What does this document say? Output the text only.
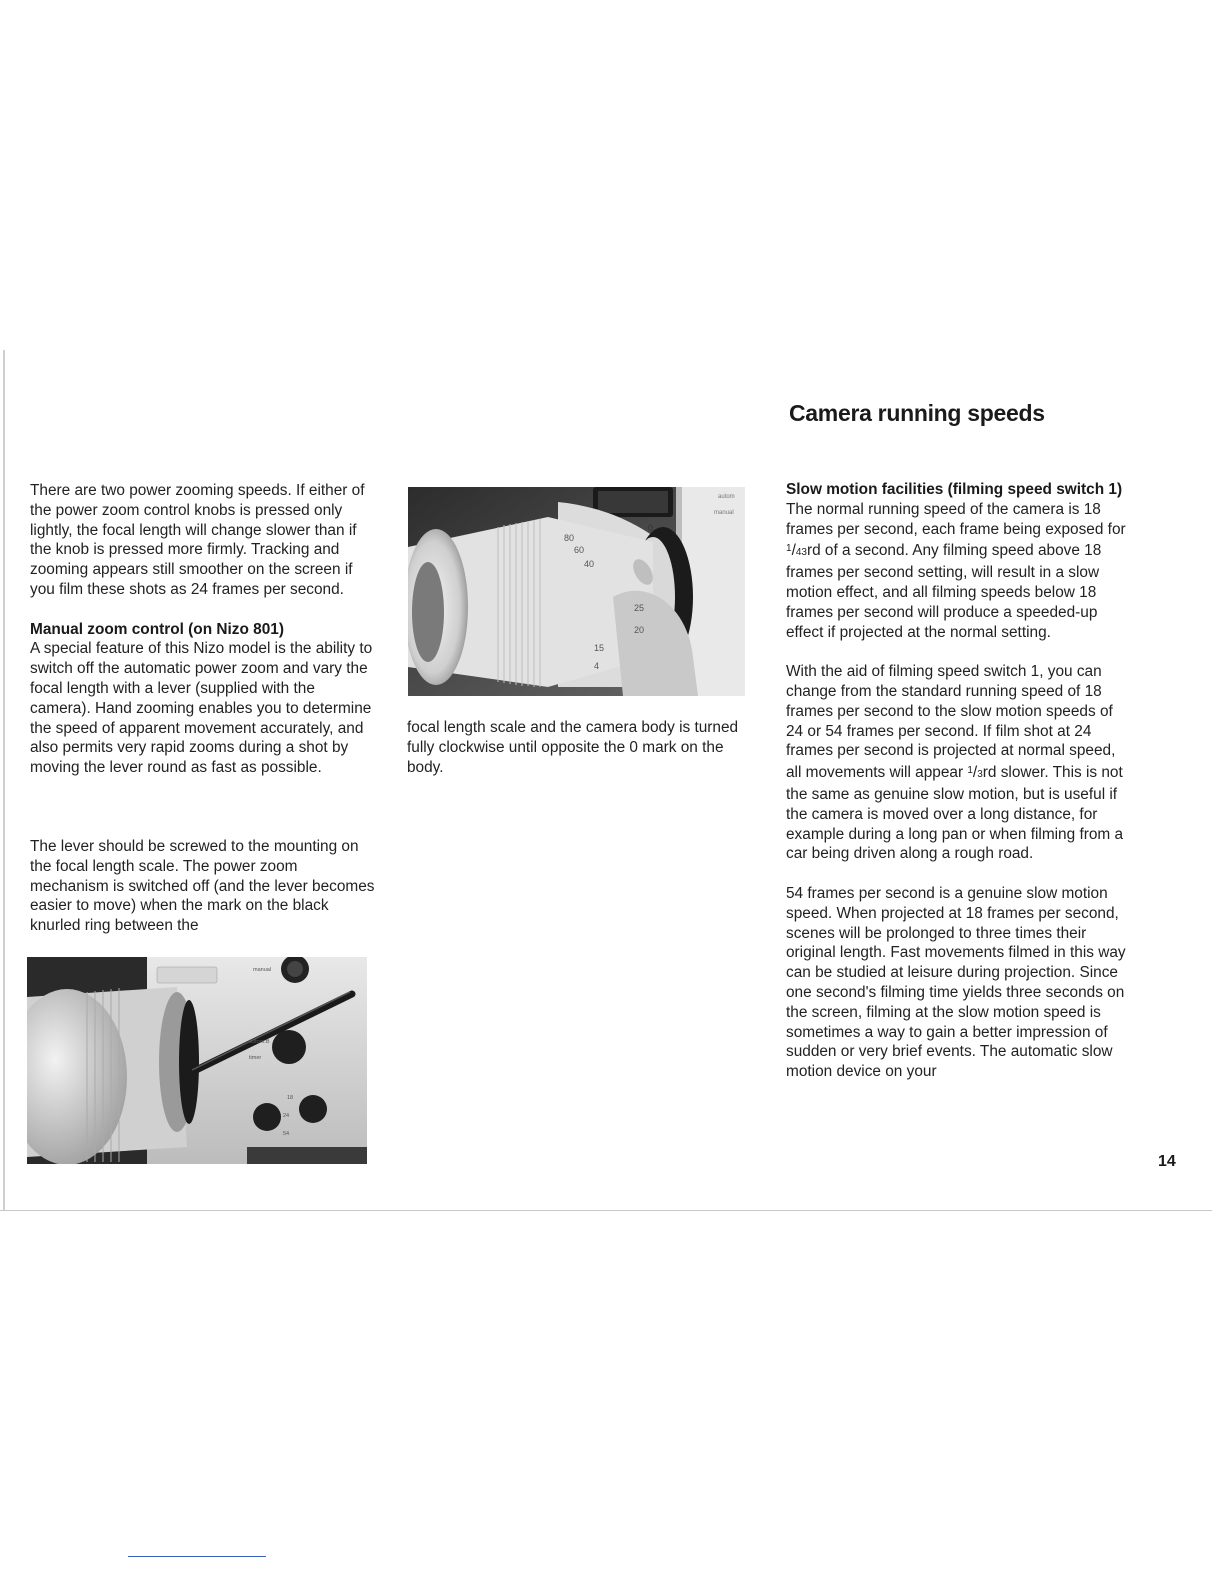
Camera running speeds

There are two power zooming speeds. If either of the power zoom control knobs is pressed only lightly, the focal length will change slower than if the knob is pressed more firmly. Tracking and zooming appears still smoother on the screen if you film these shots as 24 frames per second.

Manual zoom control (on Nizo 801)

A special feature of this Nizo model is the ability to switch off the automatic power zoom and vary the focal length with a lever (supplied with the camera). Hand zooming enables you to determine the speed of apparent movement accurately, and also permits very rapid zooms during a shot by moving the lever round as fast as possible.

The lever should be screwed to the mounting on the focal length scale. The power zoom mechanism is switched off (and the lever becomes easier to move) when the mark on the black knurled ring between the

focal length scale and the camera body is turned fully clockwise until opposite the 0 mark on the body.

Slow motion facilities (filming speed switch 1)

The normal running speed of the camera is 18 frames per second, each frame being exposed for $^1$/43rd of a second. Any filming speed above 18 frames per second setting, will result in a slow motion effect, and all filming speeds below 18 frames per second will produce a speeded-up effect if projected at the normal setting.

With the aid of filming speed switch 1, you can change from the standard running speed of 18 frames per second to the slow motion speeds of 24 or 54 frames per second. If film shot at 24 frames per second is projected at normal speed, all movements will appear $^1$/3rd slower. This is not the same as genuine slow motion, but is useful if the camera is moved over a long distance, for example during a long pan or when filming from a car being driven along a rough road.

54 frames per second is a genuine slow motion speed. When projected at 18 frames per second, scenes will be prolonged to three times their original length. Fast movements filmed in this way can be studied at leisure during projection. Since one second's filming time yields three seconds on the screen, filming at the slow motion speed is sometimes a way to gain a better impression of sudden or very brief events. The automatic slow motion device on your

14
4
15
20
25
40
60
80
autom
manual
0
manual
autom.B
timer
18
24
54
